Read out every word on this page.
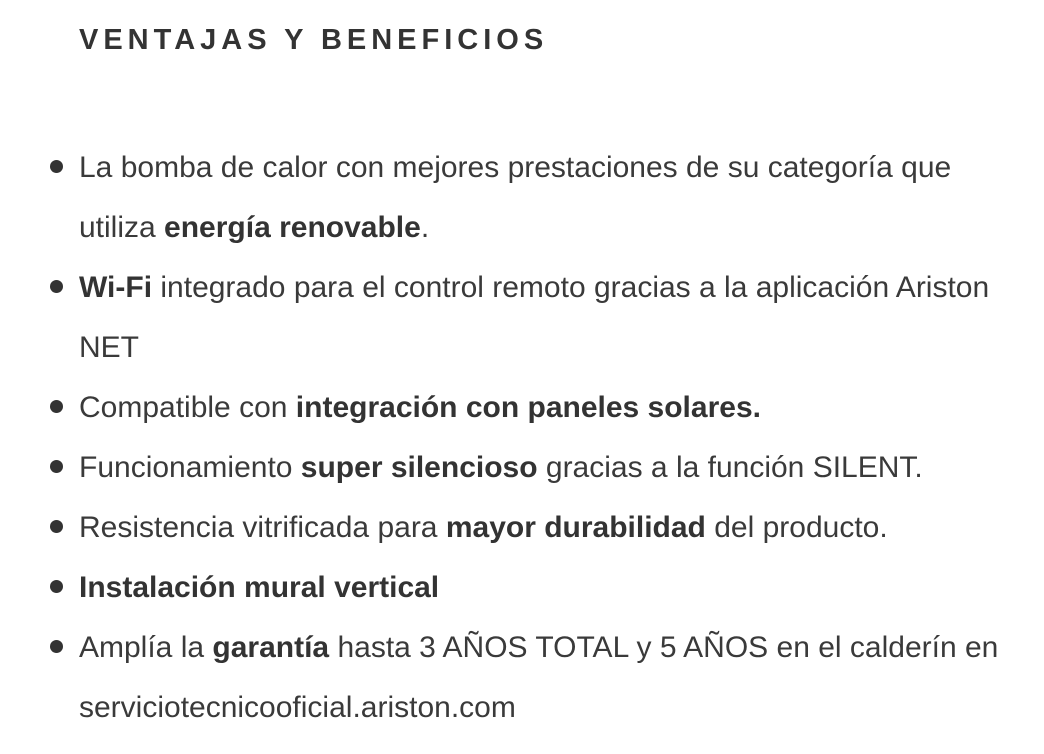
VENTAJAS Y BENEFICIOS
La bomba de calor con mejores prestaciones de su categoría que utiliza energía renovable.
Wi-Fi integrado para el control remoto gracias a la aplicación Ariston NET
Compatible con integración con paneles solares.
Funcionamiento super silencioso gracias a la función SILENT.
Resistencia vitrificada para mayor durabilidad del producto.
Instalación mural vertical
Amplía la garantía hasta 3 AÑOS TOTAL y 5 AÑOS en el calderín en serviciotecnicooficial.ariston.com
